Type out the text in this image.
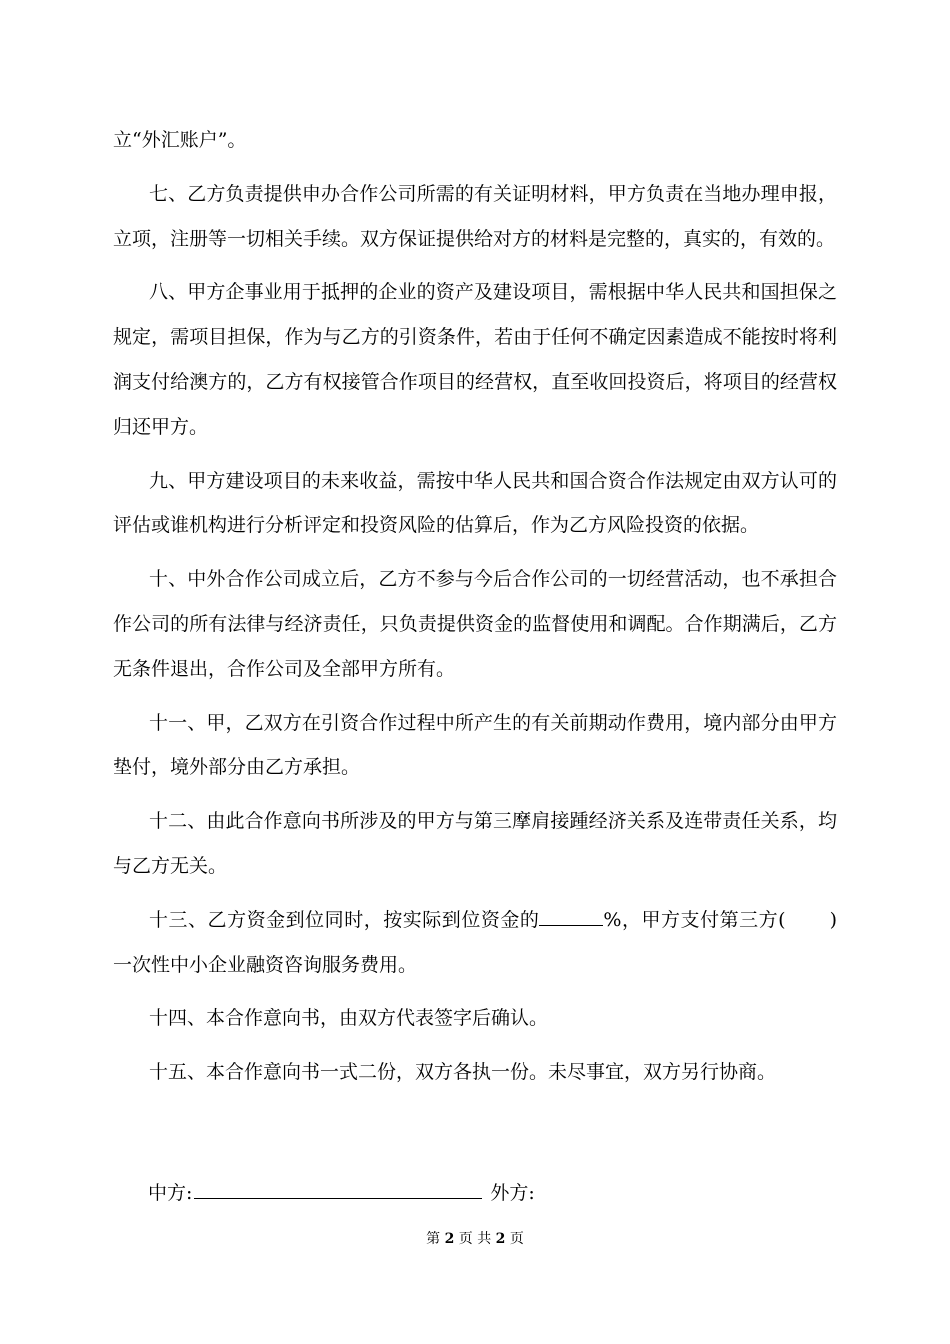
立“外汇账户”。

七、乙方负责提供申办合作公司所需的有关证明材料，甲方负责在当地办理申报，立项，注册等一切相关手续。双方保证提供给对方的材料是完整的，真实的，有效的。

八、甲方企事业用于抵押的企业的资产及建设项目，需根据中华人民共和国担保之规定，需项目担保，作为与乙方的引资条件，若由于任何不确定因素造成不能按时将利润支付给澳方的，乙方有权接管合作项目的经营权，直至收回投资后，将项目的经营权归还甲方。

九、甲方建设项目的未来收益，需按中华人民共和国合资合作法规定由双方认可的评估或谁机构进行分析评定和投资风险的估算后，作为乙方风险投资的依据。

十、中外合作公司成立后，乙方不参与今后合作公司的一切经营活动，也不承担合作公司的所有法律与经济责任，只负责提供资金的监督使用和调配。合作期满后，乙方无条件退出，合作公司及全部甲方所有。

十一、甲，乙双方在引资合作过程中所产生的有关前期动作费用，境内部分由甲方垫付，境外部分由乙方承担。

十二、由此合作意向书所涉及的甲方与第三摩肩接踵经济关系及连带责任关系，均与乙方无关。

十三、乙方资金到位同时，按实际到位资金的	%，甲方支付第三方( )一次性中小企业融资咨询服务费用。

十四、本合作意向书，由双方代表签字后确认。

十五、本合作意向书一式二份，双方各执一份。未尽事宜，双方另行协商。

中方:	外方:
第 2 页 共 2 页
